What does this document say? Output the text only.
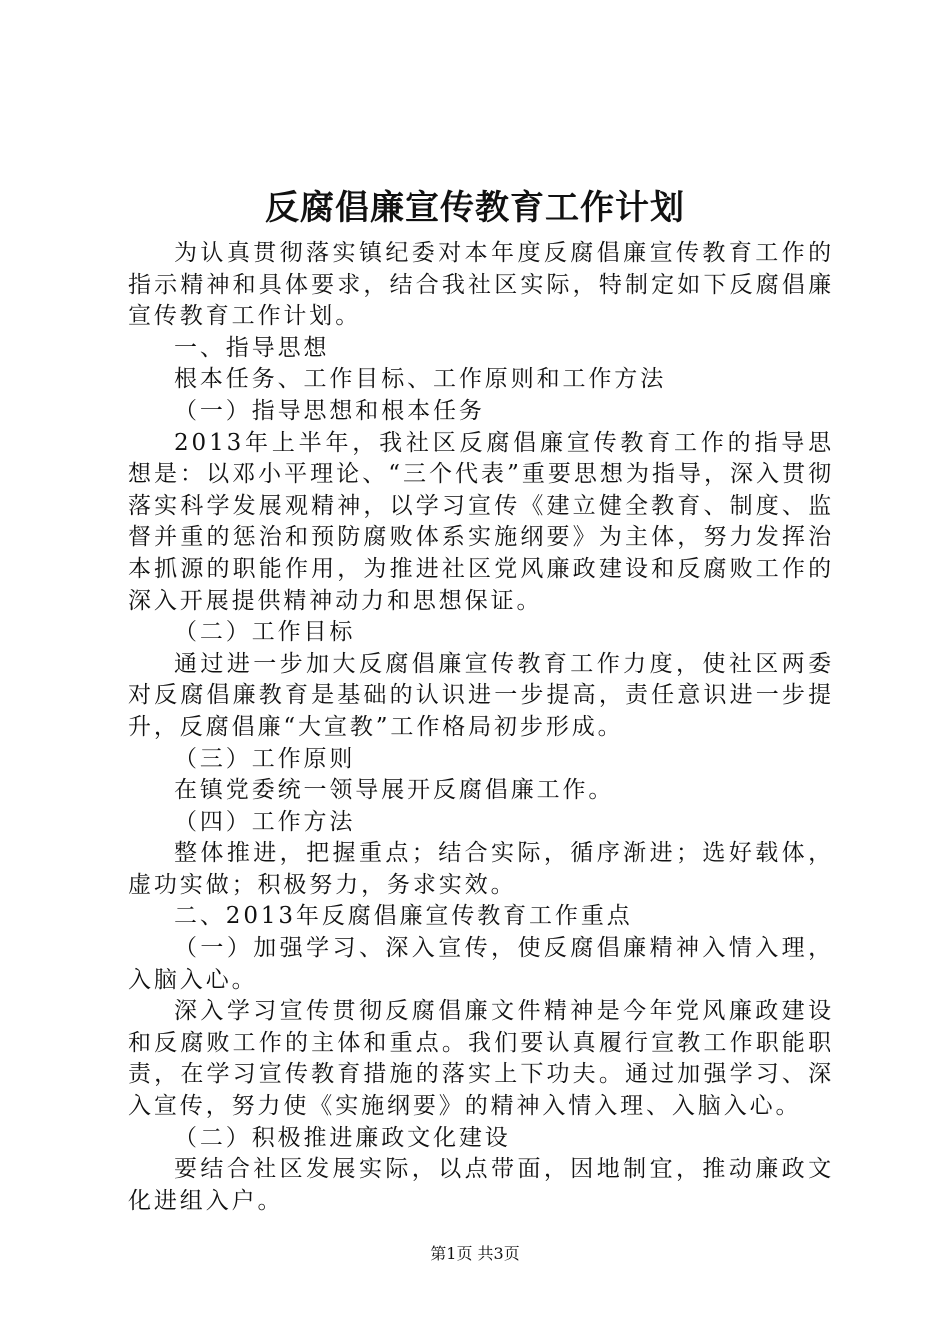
反腐倡廉宣传教育工作计划

为认真贯彻落实镇纪委对本年度反腐倡廉宣传教育工作的指示精神和具体要求，结合我社区实际，特制定如下反腐倡廉宣传教育工作计划。

一、指导思想

根本任务、工作目标、工作原则和工作方法

（一）指导思想和根本任务

2013年上半年，我社区反腐倡廉宣传教育工作的指导思想是：以邓小平理论、“三个代表”重要思想为指导，深入贯彻落实科学发展观精神，以学习宣传《建立健全教育、制度、监督并重的惩治和预防腐败体系实施纲要》为主体，努力发挥治本抓源的职能作用，为推进社区党风廉政建设和反腐败工作的深入开展提供精神动力和思想保证。

（二）工作目标

通过进一步加大反腐倡廉宣传教育工作力度，使社区两委对反腐倡廉教育是基础的认识进一步提高，责任意识进一步提升，反腐倡廉“大宣教”工作格局初步形成。

（三）工作原则

在镇党委统一领导展开反腐倡廉工作。

（四）工作方法

整体推进，把握重点；结合实际，循序渐进；选好载体，虚功实做；积极努力，务求实效。

二、2013年反腐倡廉宣传教育工作重点

（一）加强学习、深入宣传，使反腐倡廉精神入情入理，入脑入心。

深入学习宣传贯彻反腐倡廉文件精神是今年党风廉政建设和反腐败工作的主体和重点。我们要认真履行宣教工作职能职责，在学习宣传教育措施的落实上下功夫。通过加强学习、深入宣传，努力使《实施纲要》的精神入情入理、入脑入心。

（二）积极推进廉政文化建设

要结合社区发展实际，以点带面，因地制宜，推动廉政文化进组入户。

第1页 共3页
